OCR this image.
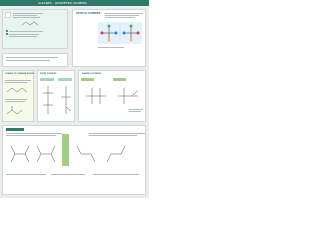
ALKANES · GEOMETRIC ISOMERS
OPTICAL ISOMERS
CHAINS OF CARBON ATOMS	BOND ISOMERS	NAMING ISOMERS
